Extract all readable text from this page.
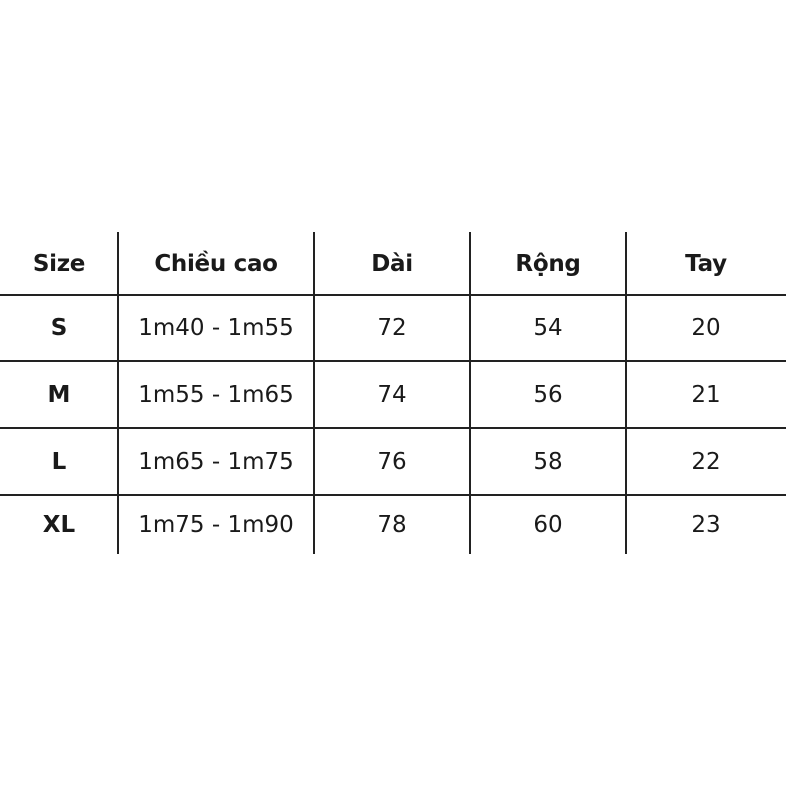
Size	Chiều cao	Dài	Rộng	Tay
S	1m40 - 1m55	72	54	20
M	1m55 - 1m65	74	56	21
L	1m65 - 1m75	76	58	22
XL	1m75 - 1m90	78	60	23
